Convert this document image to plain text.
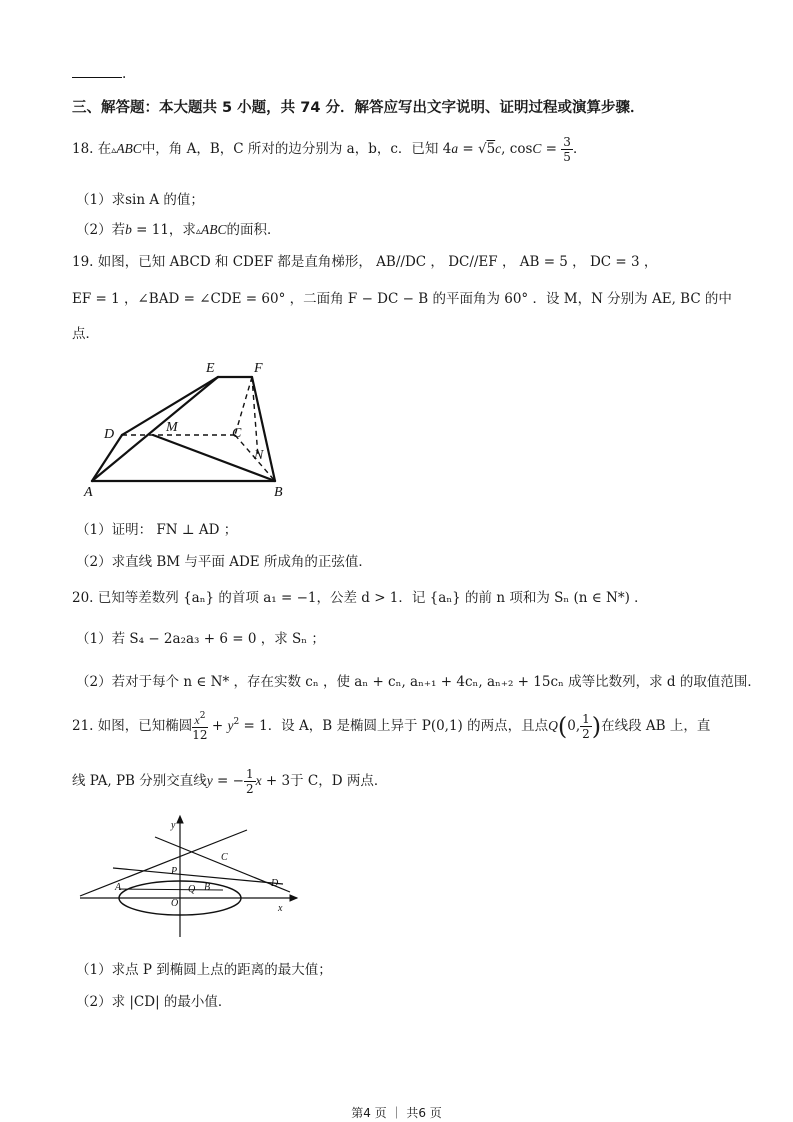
.
三、解答题：本大题共 5 小题，共 74 分．解答应写出文字说明、证明过程或演算步骤．
18. 在▵ABC中，角 A，B，C 所对的边分别为 a，b，c．已知 4a = √5c, $\cos C = \frac{3}{5}$ ．
（1）求sin A 的值；
（2）若b = 11，求▵ABC的面积．
19. 如图，已知 ABCD 和 CDEF 都是直角梯形， AB//DC ， DC//EF ， AB = 5 ， DC = 3 ，
EF = 1 ，∠BAD = ∠CDE = 60° ，二面角 F − DC − B 的平面角为 60° ．设 M，N 分别为 AE, BC 的中
点．
E	F
D	M	C
N
A	B
（1）证明： FN ⊥ AD ；
（2）求直线 BM 与平面 ADE 所成角的正弦值．
20. 已知等差数列 {aₙ} 的首项 a₁ = −1，公差 d > 1．记 {aₙ} 的前 n 项和为 Sₙ (n ∈ N*) ．
（1）若 S₄ − 2a₂a₃ + 6 = 0 ，求 Sₙ ；
（2）若对于每个 n ∈ N* ，存在实数 cₙ ，使 aₙ + cₙ, aₙ₊₁ + 4cₙ, aₙ₊₂ + 15cₙ 成等比数列，求 d 的取值范围．
21. 如图，已知椭圆 $\frac{x^2}{12} + y^2 = 1$．设 A，B 是椭圆上异于 P(0,1) 的两点，且点Q(0, $\frac{1}{2}$ )在线段 AB 上，直
线 PA, PB 分别交直线y = − $\frac{1}{2}$ x + 3于 C，D 两点．
y
x
P
C
A	Q B	D
O
（1）求点 P 到椭圆上点的距离的最大值；
（2）求 |CD| 的最小值．
第4 页 ｜ 共6 页
